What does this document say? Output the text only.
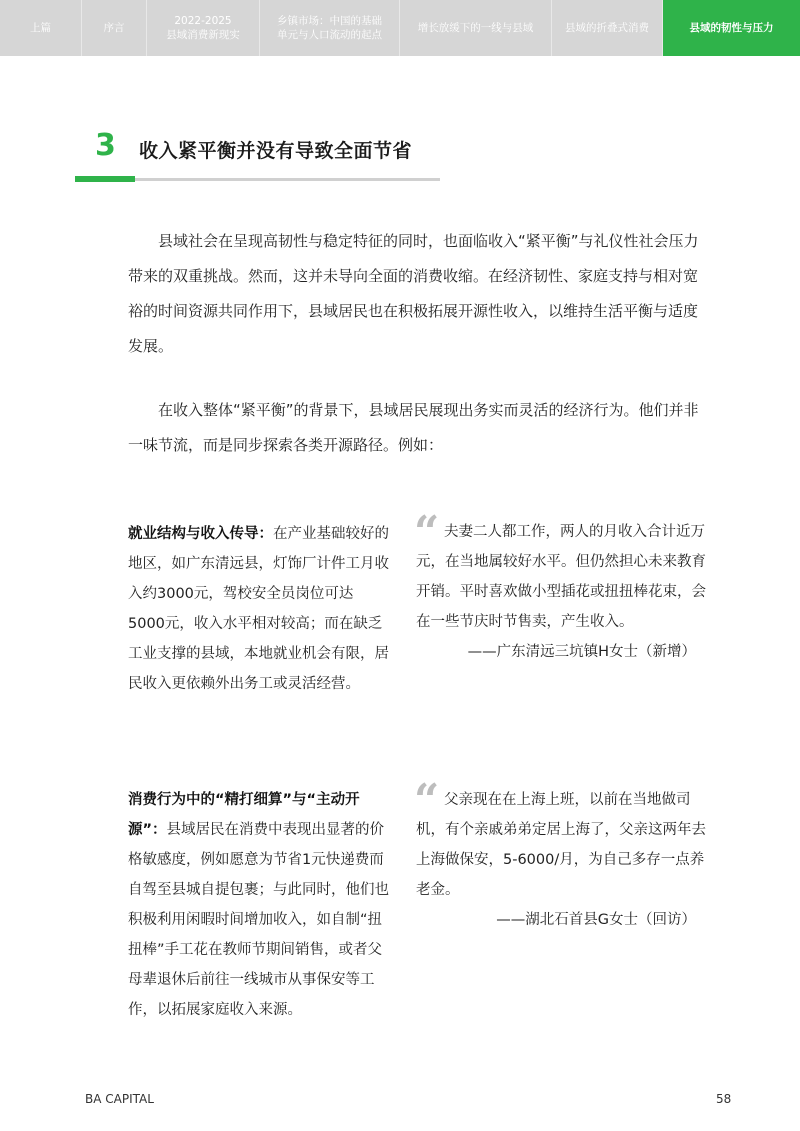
上篇	序言
2022-2025
县域消费新现实
乡镇市场：中国的基础
单元与人口流动的起点
增长放缓下的一线与县域	县域的折叠式消费	县域的韧性与压力
3 收入紧平衡并没有导致全面节省

　　县域社会在呈现高韧性与稳定特征的同时，也面临收入“紧平衡”与礼仪性社会压力带来的双重挑战。然而，这并未导向全面的消费收缩。在经济韧性、家庭支持与相对宽裕的时间资源共同作用下，县域居民也在积极拓展开源性收入，以维持生活平衡与适度发展。

　　在收入整体“紧平衡”的背景下，县域居民展现出务实而灵活的经济行为。他们并非一味节流，而是同步探索各类开源路径。例如：

就业结构与收入传导：在产业基础较好的地区，如广东清远县，灯饰厂计件工月收入约3000元，驾校安全员岗位可达5000元，收入水平相对较高；而在缺乏工业支撑的县域，本地就业机会有限，居民收入更依赖外出务工或灵活经营。
“ 夫妻二人都工作，两人的月收入合计近万元，在当地属较好水平。但仍然担心未来教育开销。平时喜欢做小型插花或扭扭棒花束，会在一些节庆时节售卖，产生收入。
——广东清远三坑镇H女士（新增）
消费行为中的“精打细算”与“主动开源”：县域居民在消费中表现出显著的价格敏感度，例如愿意为节省1元快递费而自驾至县城自提包裹；与此同时，他们也积极利用闲暇时间增加收入，如自制“扭扭棒”手工花在教师节期间销售，或者父母辈退休后前往一线城市从事保安等工作，以拓展家庭收入来源。
“ 父亲现在在上海上班，以前在当地做司机，有个亲戚弟弟定居上海了，父亲这两年去上海做保安，5-6000/月，为自己多存一点养老金。
——湖北石首县G女士（回访）
BA CAPITAL	58
